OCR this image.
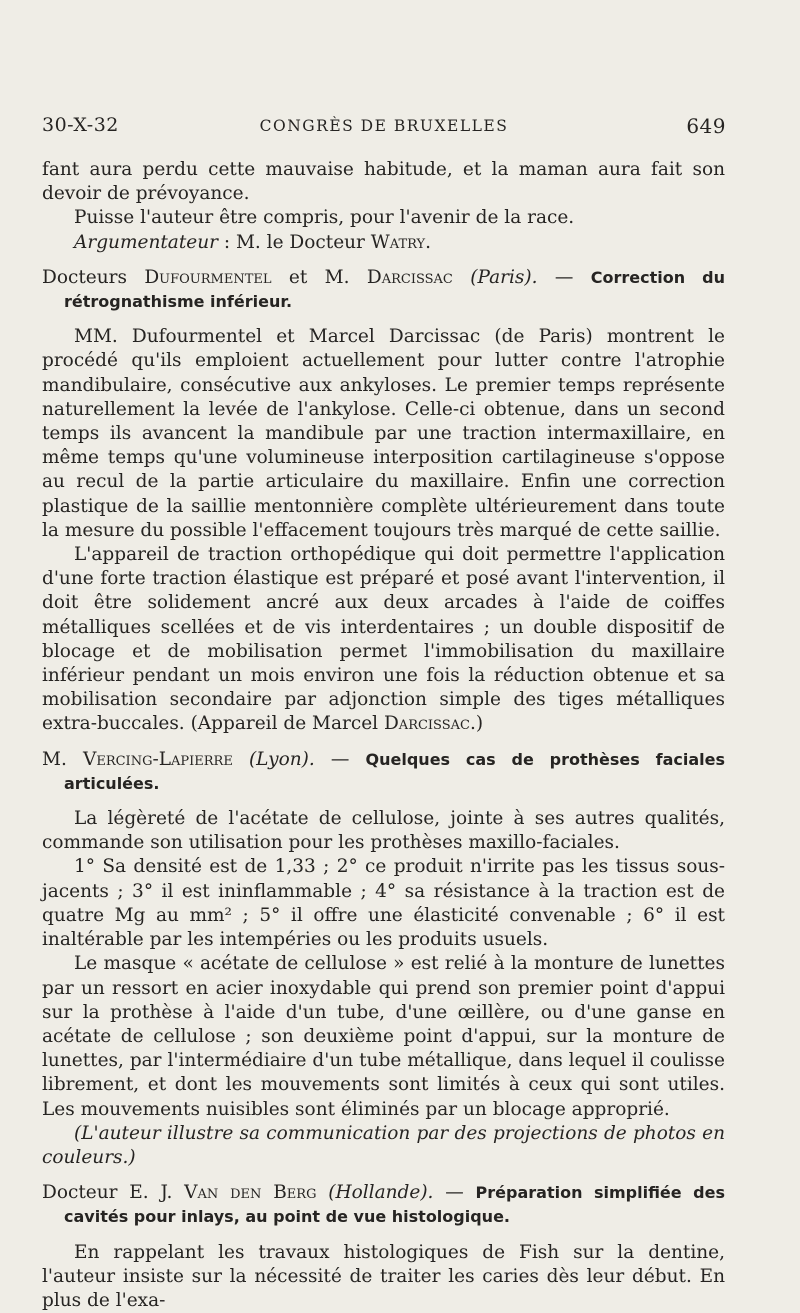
30-X-32	CONGRÈS DE BRUXELLES	649

fant aura perdu cette mauvaise habitude, et la maman aura fait son devoir de prévoyance.

Puisse l'auteur être compris, pour l'avenir de la race.

Argumentateur : M. le Docteur Watry.

Docteurs Dufourmentel et M. Darcissac (Paris). — Correction du rétrognathisme inférieur.

MM. Dufourmentel et Marcel Darcissac (de Paris) montrent le procédé qu'ils emploient actuellement pour lutter contre l'atrophie mandibulaire, consécutive aux ankyloses. Le premier temps représente naturellement la levée de l'ankylose. Celle-ci obtenue, dans un second temps ils avancent la mandibule par une traction intermaxillaire, en même temps qu'une volumineuse interposition cartilagineuse s'oppose au recul de la partie articulaire du maxillaire. Enfin une correction plastique de la saillie mentonnière complète ultérieurement dans toute la mesure du possible l'effacement toujours très marqué de cette saillie.

L'appareil de traction orthopédique qui doit permettre l'application d'une forte traction élastique est préparé et posé avant l'intervention, il doit être solidement ancré aux deux arcades à l'aide de coiffes métalliques scellées et de vis interdentaires ; un double dispositif de blocage et de mobilisation permet l'immobilisation du maxillaire inférieur pendant un mois environ une fois la réduction obtenue et sa mobilisation secondaire par adjonction simple des tiges métalliques extra-buccales. (Appareil de Marcel Darcissac.)

M. Vercing-Lapierre (Lyon). — Quelques cas de prothèses faciales articulées.

La légèreté de l'acétate de cellulose, jointe à ses autres qualités, commande son utilisation pour les prothèses maxillo-faciales.

1° Sa densité est de 1,33 ; 2° ce produit n'irrite pas les tissus sous-jacents ; 3° il est ininflammable ; 4° sa résistance à la traction est de quatre Mg au mm² ; 5° il offre une élasticité convenable ; 6° il est inaltérable par les intempéries ou les produits usuels.

Le masque « acétate de cellulose » est relié à la monture de lunettes par un ressort en acier inoxydable qui prend son premier point d'appui sur la prothèse à l'aide d'un tube, d'une œillère, ou d'une ganse en acétate de cellulose ; son deuxième point d'appui, sur la monture de lunettes, par l'intermédiaire d'un tube métallique, dans lequel il coulisse librement, et dont les mouvements sont limités à ceux qui sont utiles. Les mouvements nuisibles sont éliminés par un blocage approprié.

(L'auteur illustre sa communication par des projections de photos en couleurs.)

Docteur E. J. Van den Berg (Hollande). — Préparation simplifiée des cavités pour inlays, au point de vue histologique.

En rappelant les travaux histologiques de Fish sur la dentine, l'auteur insiste sur la nécessité de traiter les caries dès leur début. En plus de l'exa-
